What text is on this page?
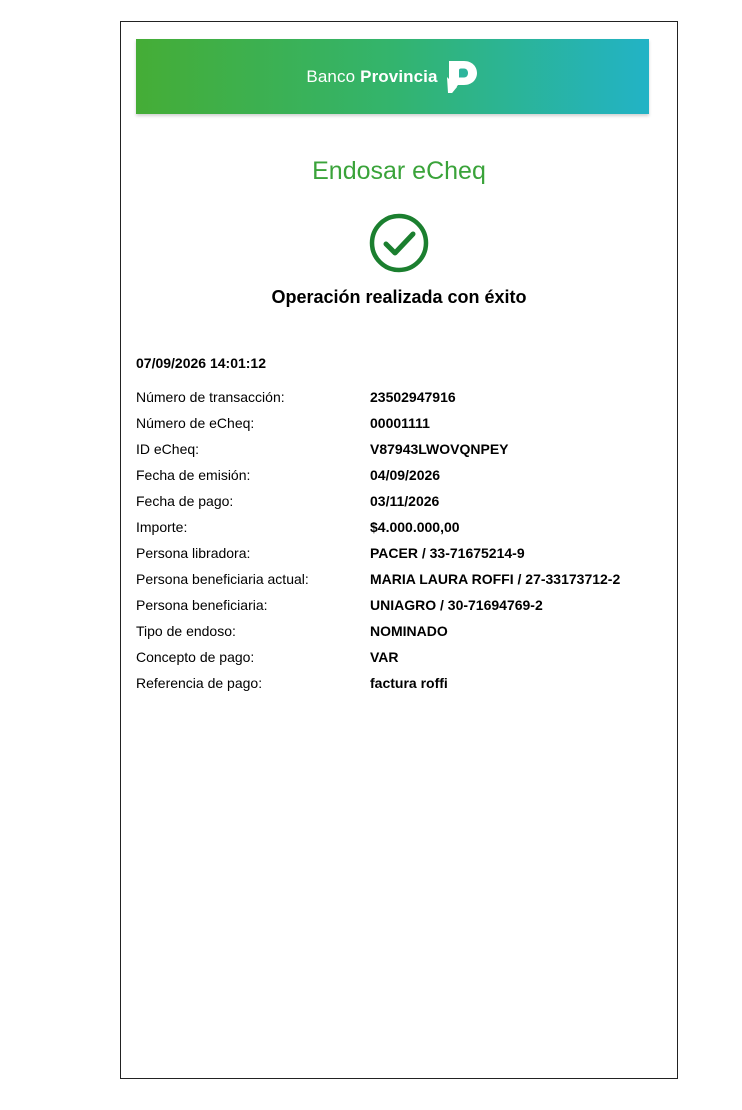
Banco Provincia
Endosar eCheq
Operación realizada con éxito
07/09/2026 14:01:12
Número de transacción:	23502947916
Número de eCheq:	00001111
ID eCheq:	V87943LWOVQNPEY
Fecha de emisión:	04/09/2026
Fecha de pago:	03/11/2026
Importe:	$4.000.000,00
Persona libradora:	PACER / 33-71675214-9
Persona beneficiaria actual:	MARIA LAURA ROFFI / 27-33173712-2
Persona beneficiaria:	UNIAGRO / 30-71694769-2
Tipo de endoso:	NOMINADO
Concepto de pago:	VAR
Referencia de pago:	factura roffi
